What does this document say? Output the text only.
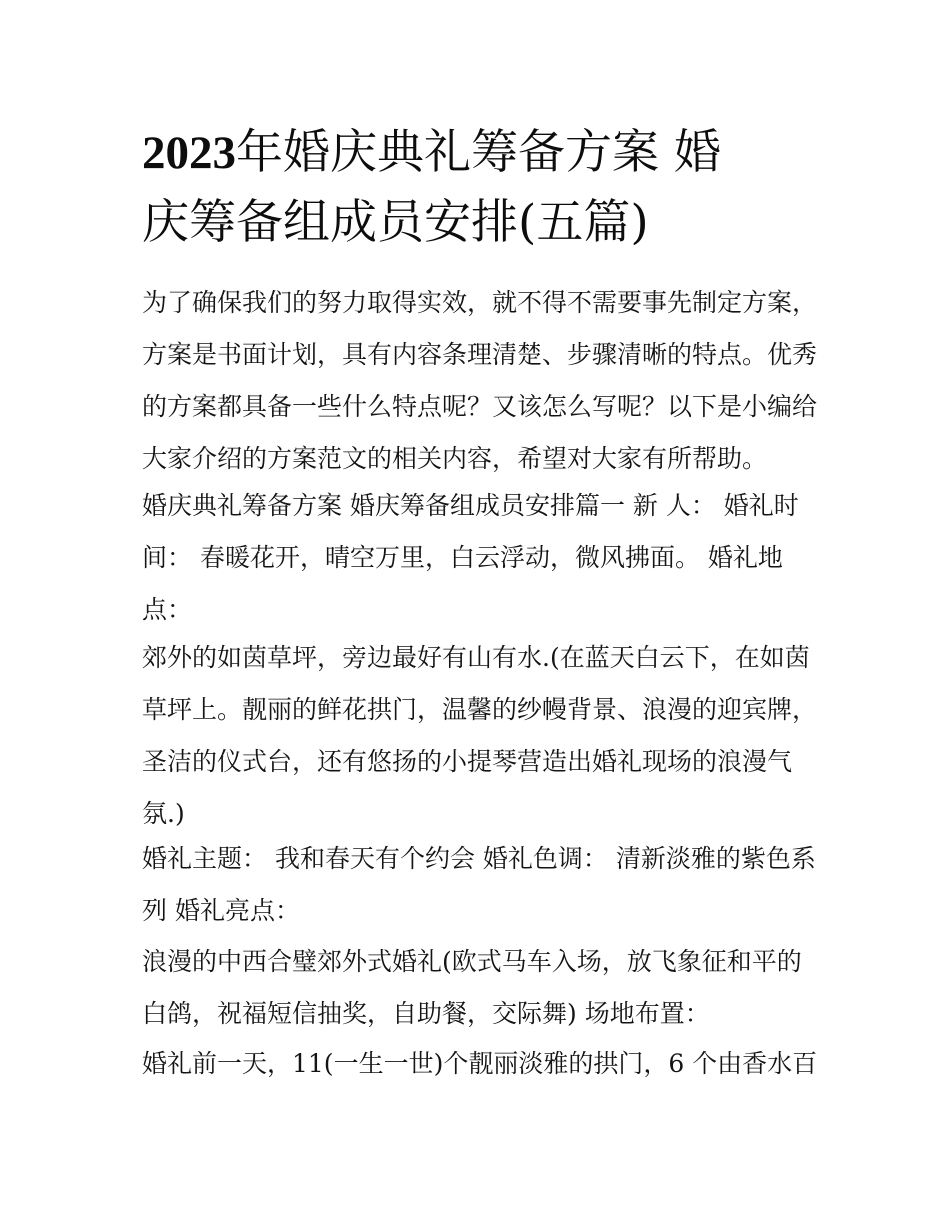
2023年婚庆典礼筹备方案 婚
庆筹备组成员安排(五篇)

为了确保我们的努力取得实效，就不得不需要事先制定方案，
方案是书面计划，具有内容条理清楚、步骤清晰的特点。优秀
的方案都具备一些什么特点呢？又该怎么写呢？以下是小编给
大家介绍的方案范文的相关内容，希望对大家有所帮助。

婚庆典礼筹备方案 婚庆筹备组成员安排篇一 新 人： 婚礼时
间： 春暖花开，晴空万里，白云浮动，微风拂面。 婚礼地
点：

郊外的如茵草坪，旁边最好有山有水.(在蓝天白云下，在如茵
草坪上。靓丽的鲜花拱门，温馨的纱幔背景、浪漫的迎宾牌，
圣洁的仪式台，还有悠扬的小提琴营造出婚礼现场的浪漫气
氛.)

婚礼主题： 我和春天有个约会 婚礼色调： 清新淡雅的紫色系
列 婚礼亮点：

浪漫的中西合璧郊外式婚礼(欧式马车入场，放飞象征和平的
白鸽，祝福短信抽奖，自助餐，交际舞) 场地布置：

婚礼前一天，11(一生一世)个靓丽淡雅的拱门，6 个由香水百
